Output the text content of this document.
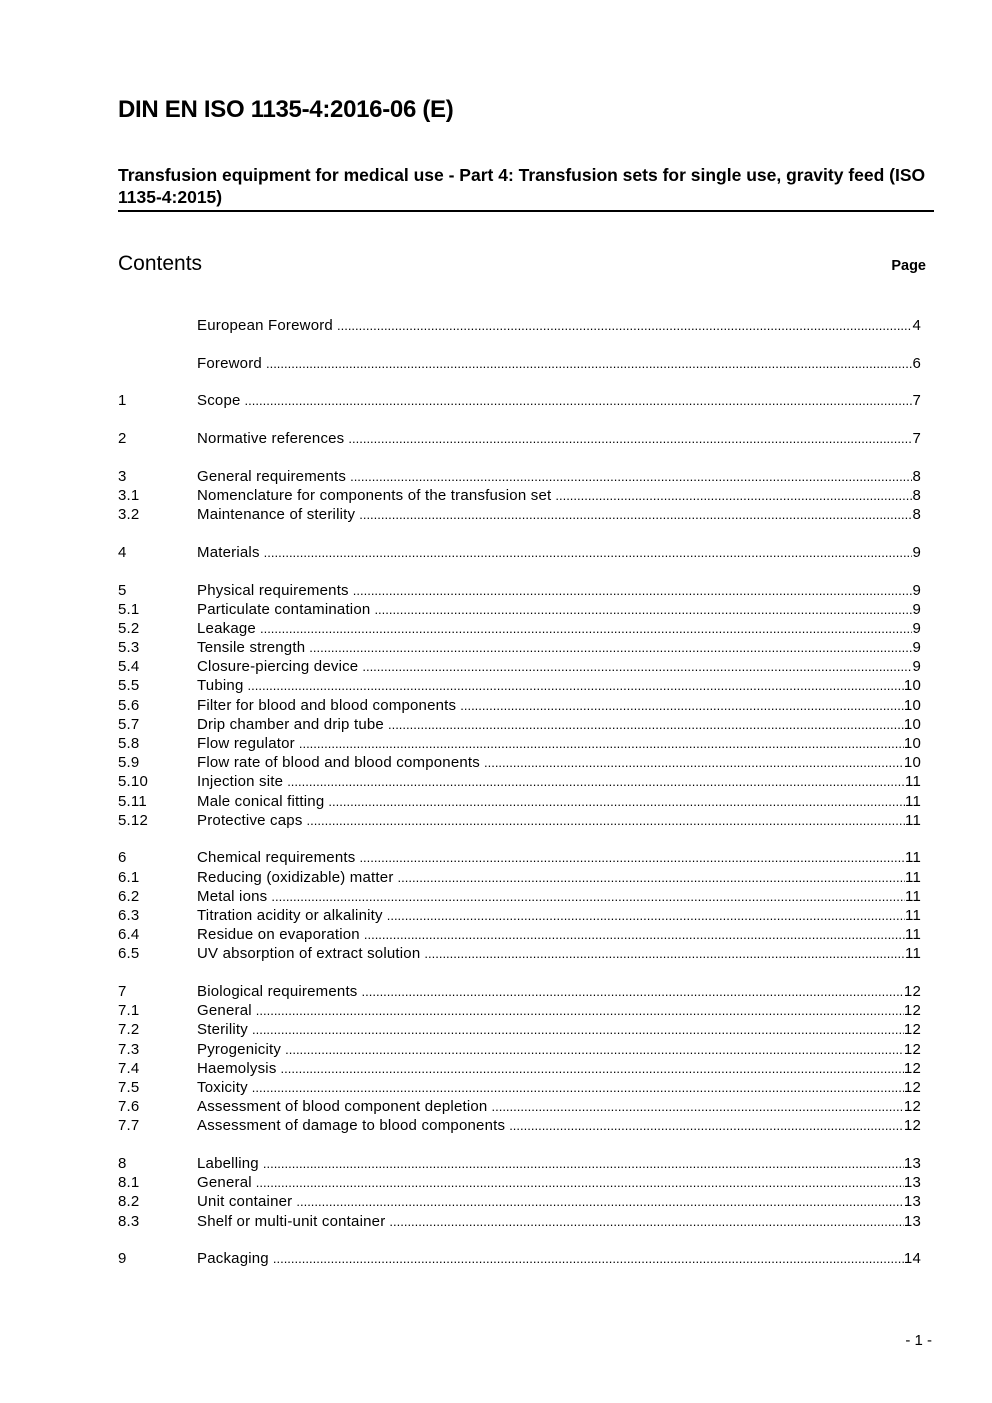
DIN EN ISO 1135-4:2016-06 (E)
Transfusion equipment for medical use - Part 4: Transfusion sets for single use, gravity feed (ISO 1135-4:2015)
Contents	Page
European Foreword .....	4
Foreword .....	6
1	Scope .....	7
2	Normative references .....	7
3	General requirements .....	8
3.1	Nomenclature for components of the transfusion set .....	8
3.2	Maintenance of sterility .....	8
4	Materials .....	9
5	Physical requirements .....	9
5.1	Particulate contamination .....	9
5.2	Leakage .....	9
5.3	Tensile strength .....	9
5.4	Closure-piercing device .....	9
5.5	Tubing .....	10
5.6	Filter for blood and blood components .....	10
5.7	Drip chamber and drip tube .....	10
5.8	Flow regulator .....	10
5.9	Flow rate of blood and blood components .....	10
5.10	Injection site .....	11
5.11	Male conical fitting .....	11
5.12	Protective caps .....	11
6	Chemical requirements .....	11
6.1	Reducing (oxidizable) matter .....	11
6.2	Metal ions .....	11
6.3	Titration acidity or alkalinity .....	11
6.4	Residue on evaporation .....	11
6.5	UV absorption of extract solution .....	11
7	Biological requirements .....	12
7.1	General .....	12
7.2	Sterility .....	12
7.3	Pyrogenicity .....	12
7.4	Haemolysis .....	12
7.5	Toxicity .....	12
7.6	Assessment of blood component depletion .....	12
7.7	Assessment of damage to blood components .....	12
8	Labelling .....	13
8.1	General .....	13
8.2	Unit container .....	13
8.3	Shelf or multi-unit container .....	13
9	Packaging .....	14
- 1 -
